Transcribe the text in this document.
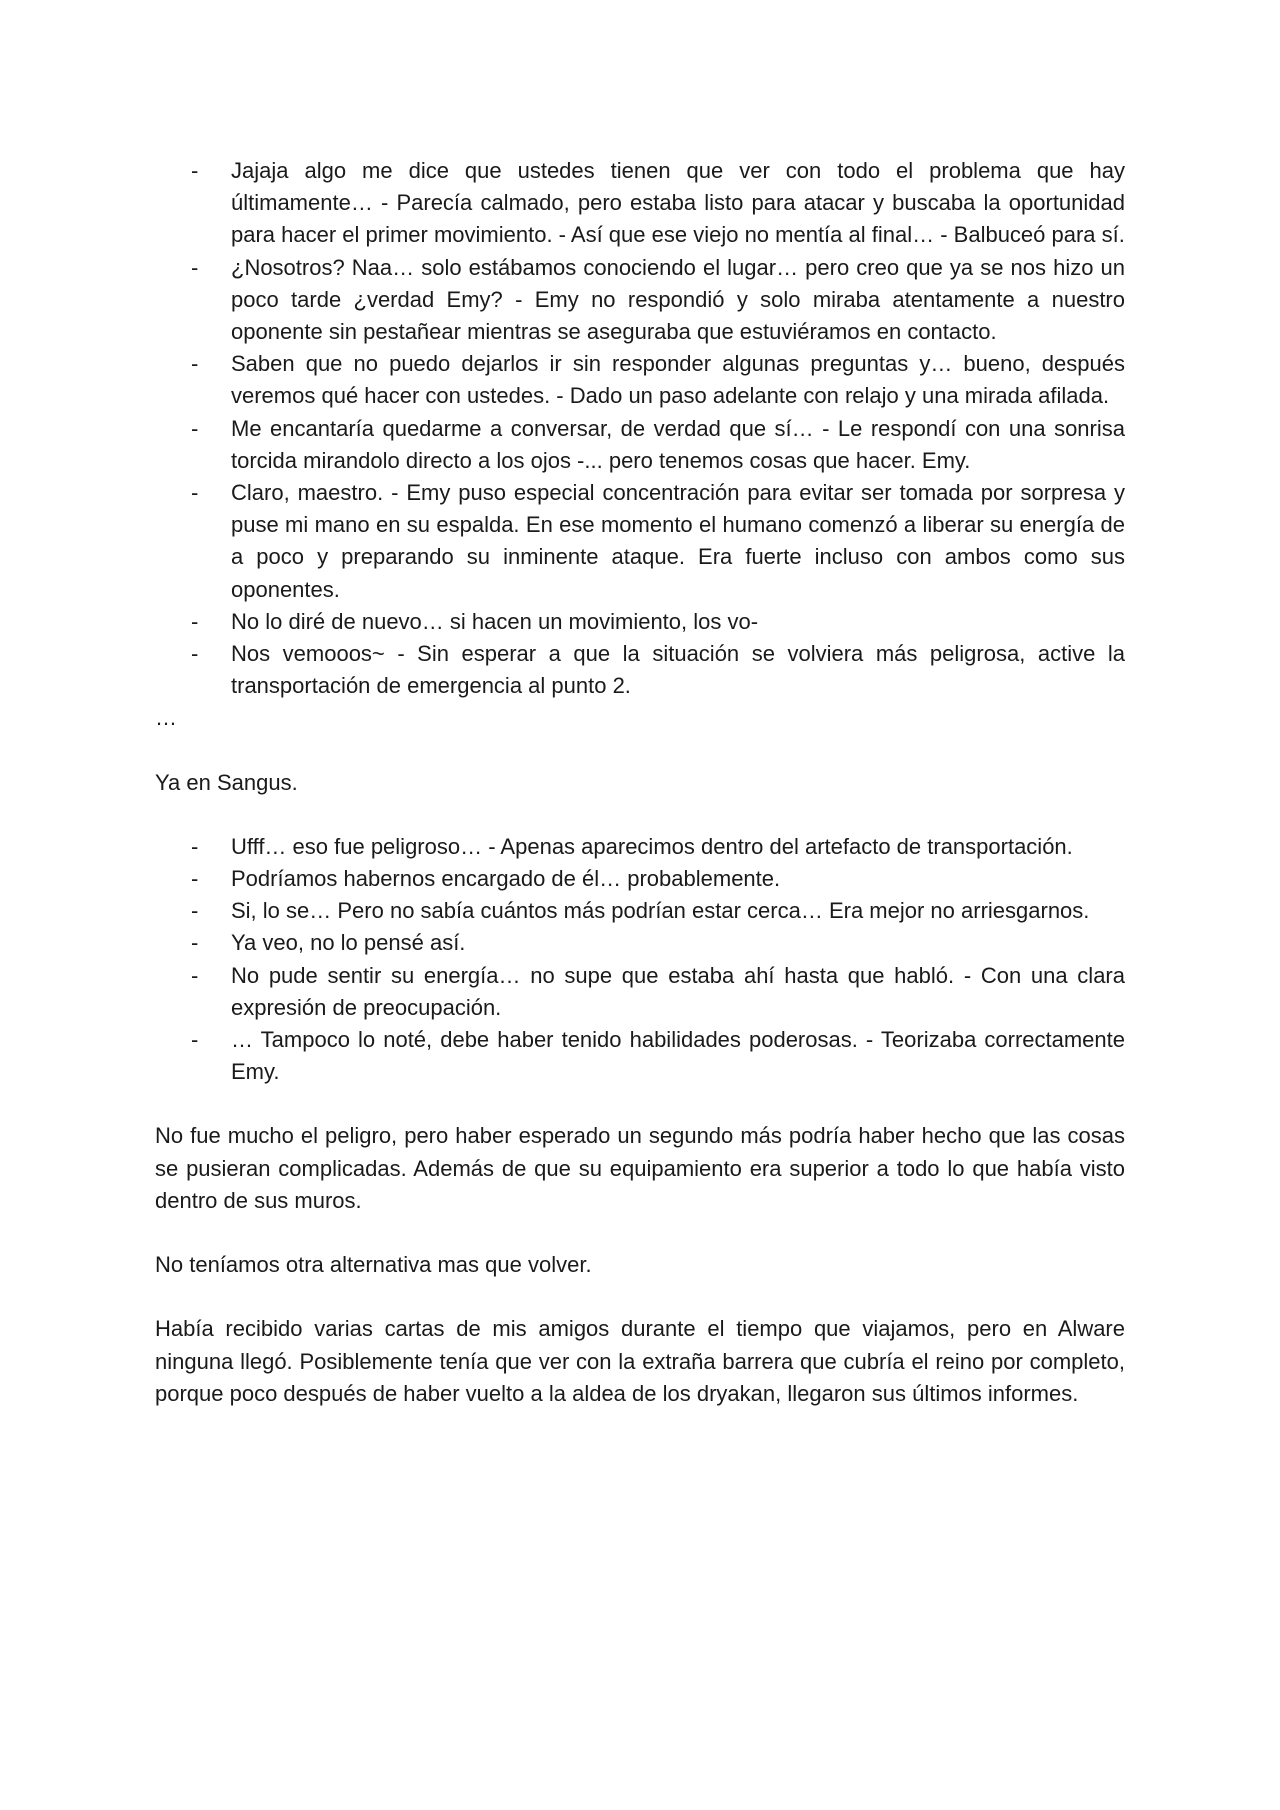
- Jajaja algo me dice que ustedes tienen que ver con todo el problema que hay últimamente… - Parecía calmado, pero estaba listo para atacar y buscaba la oportunidad para hacer el primer movimiento. - Así que ese viejo no mentía al final… - Balbuceó para sí.
- ¿Nosotros? Naa… solo estábamos conociendo el lugar… pero creo que ya se nos hizo un poco tarde ¿verdad Emy? - Emy no respondió y solo miraba atentamente a nuestro oponente sin pestañear mientras se aseguraba que estuviéramos en contacto.
- Saben que no puedo dejarlos ir sin responder algunas preguntas y… bueno, después veremos qué hacer con ustedes. - Dado un paso adelante con relajo y una mirada afilada.
- Me encantaría quedarme a conversar, de verdad que sí… - Le respondí con una sonrisa torcida mirandolo directo a los ojos -... pero tenemos cosas que hacer. Emy.
- Claro, maestro. - Emy puso especial concentración para evitar ser tomada por sorpresa y puse mi mano en su espalda. En ese momento el humano comenzó a liberar su energía de a poco y preparando su inminente ataque. Era fuerte incluso con ambos como sus oponentes.
- No lo diré de nuevo… si hacen un movimiento, los vo-
- Nos vemooos~ - Sin esperar a que la situación se volviera más peligrosa, active la transportación de emergencia al punto 2.
…
Ya en Sangus.
- Ufff… eso fue peligroso… - Apenas aparecimos dentro del artefacto de transportación.
- Podríamos habernos encargado de él… probablemente.
- Si, lo se… Pero no sabía cuántos más podrían estar cerca… Era mejor no arriesgarnos.
- Ya veo, no lo pensé así.
- No pude sentir su energía… no supe que estaba ahí hasta que habló. - Con una clara expresión de preocupación.
- … Tampoco lo noté, debe haber tenido habilidades poderosas. - Teorizaba correctamente Emy.
No fue mucho el peligro, pero haber esperado un segundo más podría haber hecho que las cosas se pusieran complicadas. Además de que su equipamiento era superior a todo lo que había visto dentro de sus muros.
No teníamos otra alternativa mas que volver.
Había recibido varias cartas de mis amigos durante el tiempo que viajamos, pero en Alware ninguna llegó. Posiblemente tenía que ver con la extraña barrera que cubría el reino por completo, porque poco después de haber vuelto a la aldea de los dryakan, llegaron sus últimos informes.
